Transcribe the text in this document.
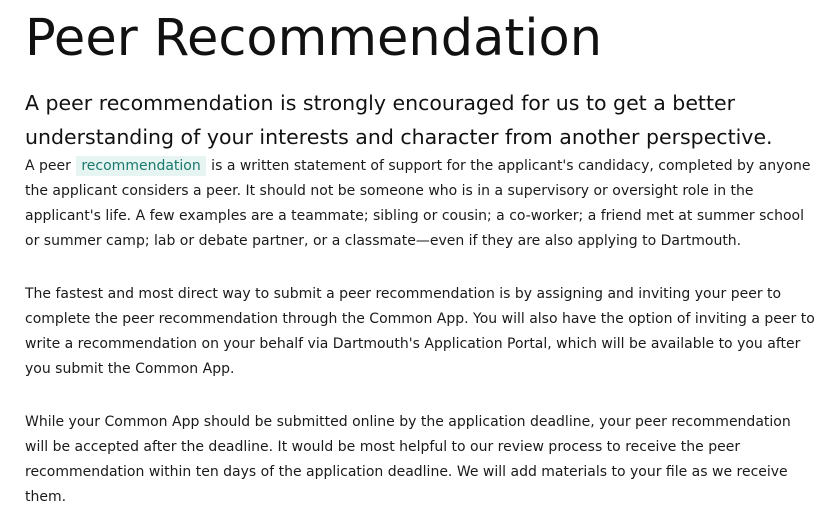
Peer Recommendation

A peer recommendation is strongly encouraged for us to get a better understanding of your interests and character from another perspective.

A peer recommendation is a written statement of support for the applicant's candidacy, completed by anyone the applicant considers a peer. It should not be someone who is in a supervisory or oversight role in the applicant's life. A few examples are a teammate; sibling or cousin; a co-worker; a friend met at summer school or summer camp; lab or debate partner, or a classmate—even if they are also applying to Dartmouth.

The fastest and most direct way to submit a peer recommendation is by assigning and inviting your peer to complete the peer recommendation through the Common App. You will also have the option of inviting a peer to write a recommendation on your behalf via Dartmouth's Application Portal, which will be available to you after you submit the Common App.

While your Common App should be submitted online by the application deadline, your peer recommendation will be accepted after the deadline. It would be most helpful to our review process to receive the peer recommendation within ten days of the application deadline. We will add materials to your file as we receive them.
